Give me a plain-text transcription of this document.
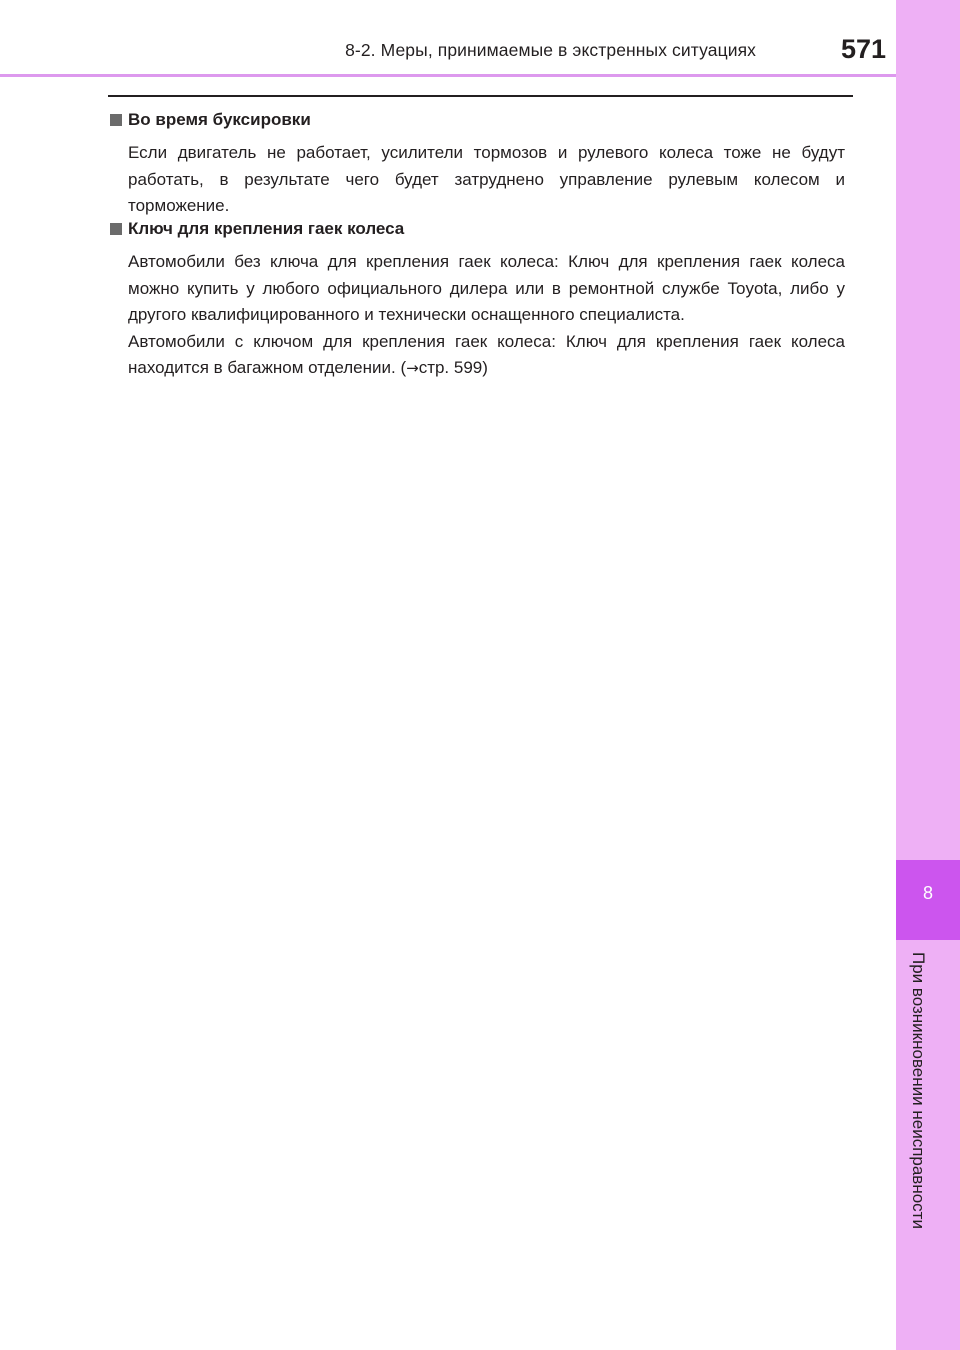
8-2. Меры, принимаемые в экстренных ситуациях	571
8
При возникновении неисправности
Во время буксировки

Если двигатель не работает, усилители тормозов и рулевого колеса тоже не будут работать, в результате чего будет затруднено управление рулевым колесом и торможение.

Ключ для крепления гаек колеса

Автомобили без ключа для крепления гаек колеса: Ключ для крепления гаек колеса можно купить у любого официального дилера или в ремонтной службе Toyota, либо у другого квалифицированного и технически оснащенного специалиста.

Автомобили с ключом для крепления гаек колеса: Ключ для крепления гаек колеса находится в багажном отделении. (→стр. 599)
